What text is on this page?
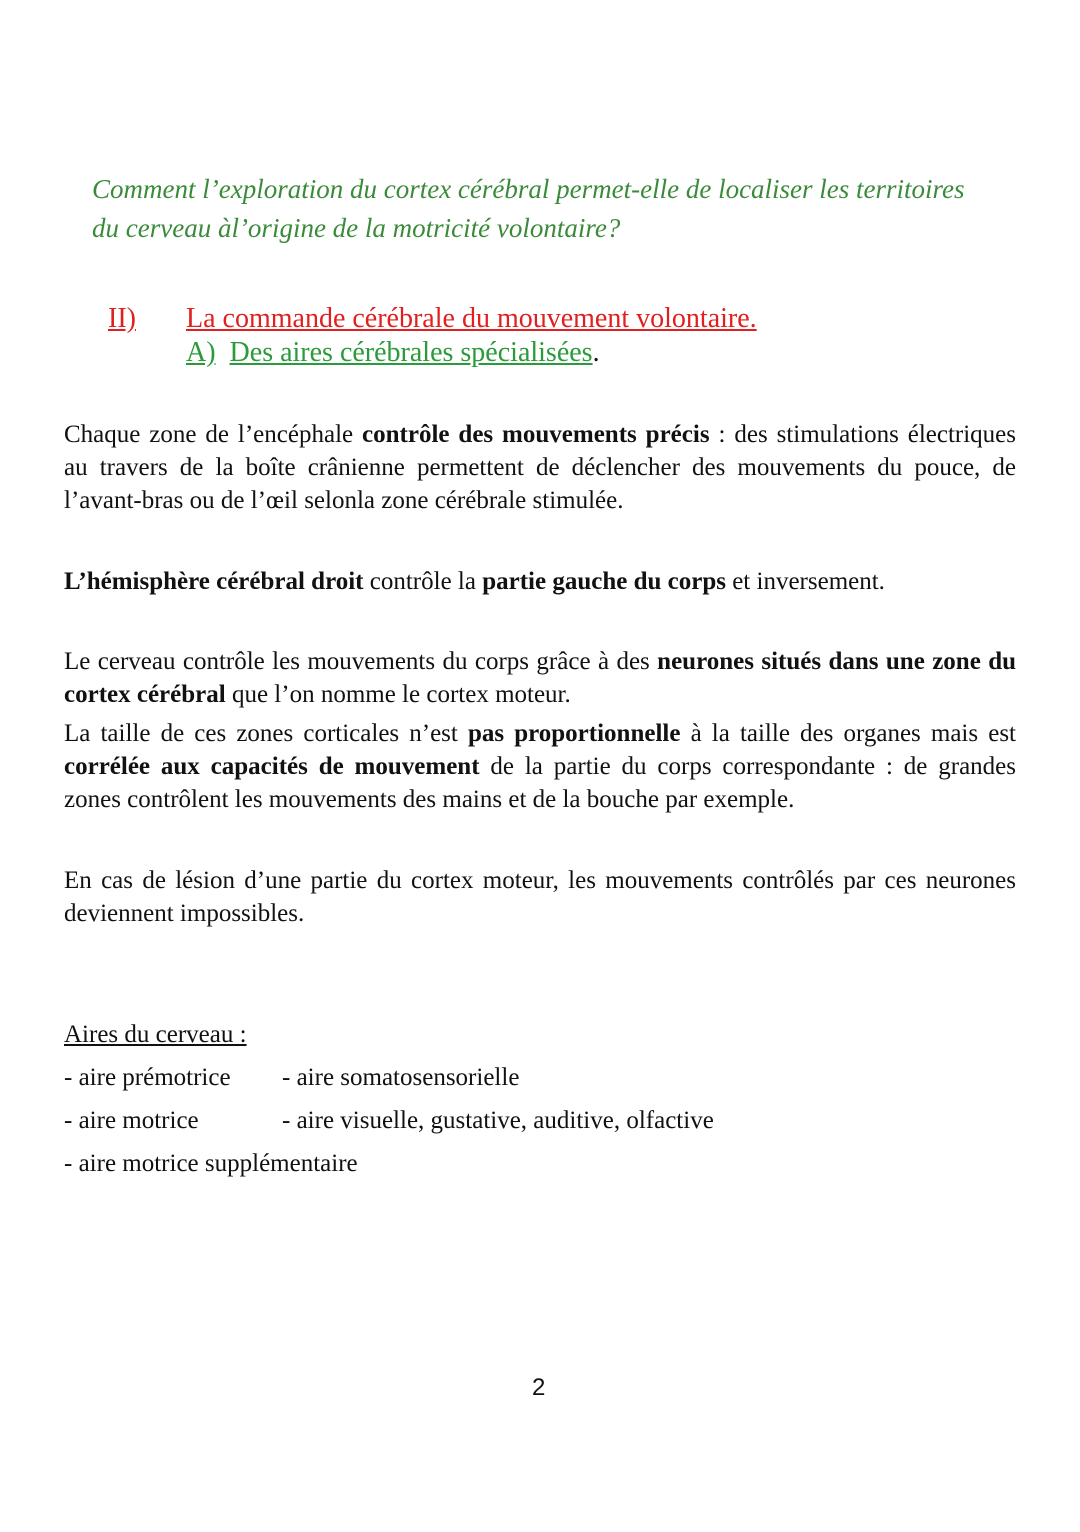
Comment l’exploration du cortex cérébral permet-elle de localiser les territoires du cerveau àl’origine de la motricité volontaire?

II) La commande cérébrale du mouvement volontaire.
A) Des aires cérébrales spécialisées.

Chaque zone de l’encéphale contrôle des mouvements précis : des stimulations électriques au travers de la boîte crânienne permettent de déclencher des mouvements du pouce, de l’avant-bras ou de l’œil selonla zone cérébrale stimulée.

L’hémisphère cérébral droit contrôle la partie gauche du corps et inversement.

Le cerveau contrôle les mouvements du corps grâce à des neurones situés dans une zone du cortex cérébral que l’on nomme le cortex moteur.

La taille de ces zones corticales n’est pas proportionnelle à la taille des organes mais est corrélée aux capacités de mouvement de la partie du corps correspondante : de grandes zones contrôlent les mouvements des mains et de la bouche par exemple.

En cas de lésion d’une partie du cortex moteur, les mouvements contrôlés par ces neurones deviennent impossibles.

Aires du cerveau :
- aire prémotrice - aire somatosensorielle
- aire motrice	- aire visuelle, gustative, auditive, olfactive
- aire motrice supplémentaire
2
